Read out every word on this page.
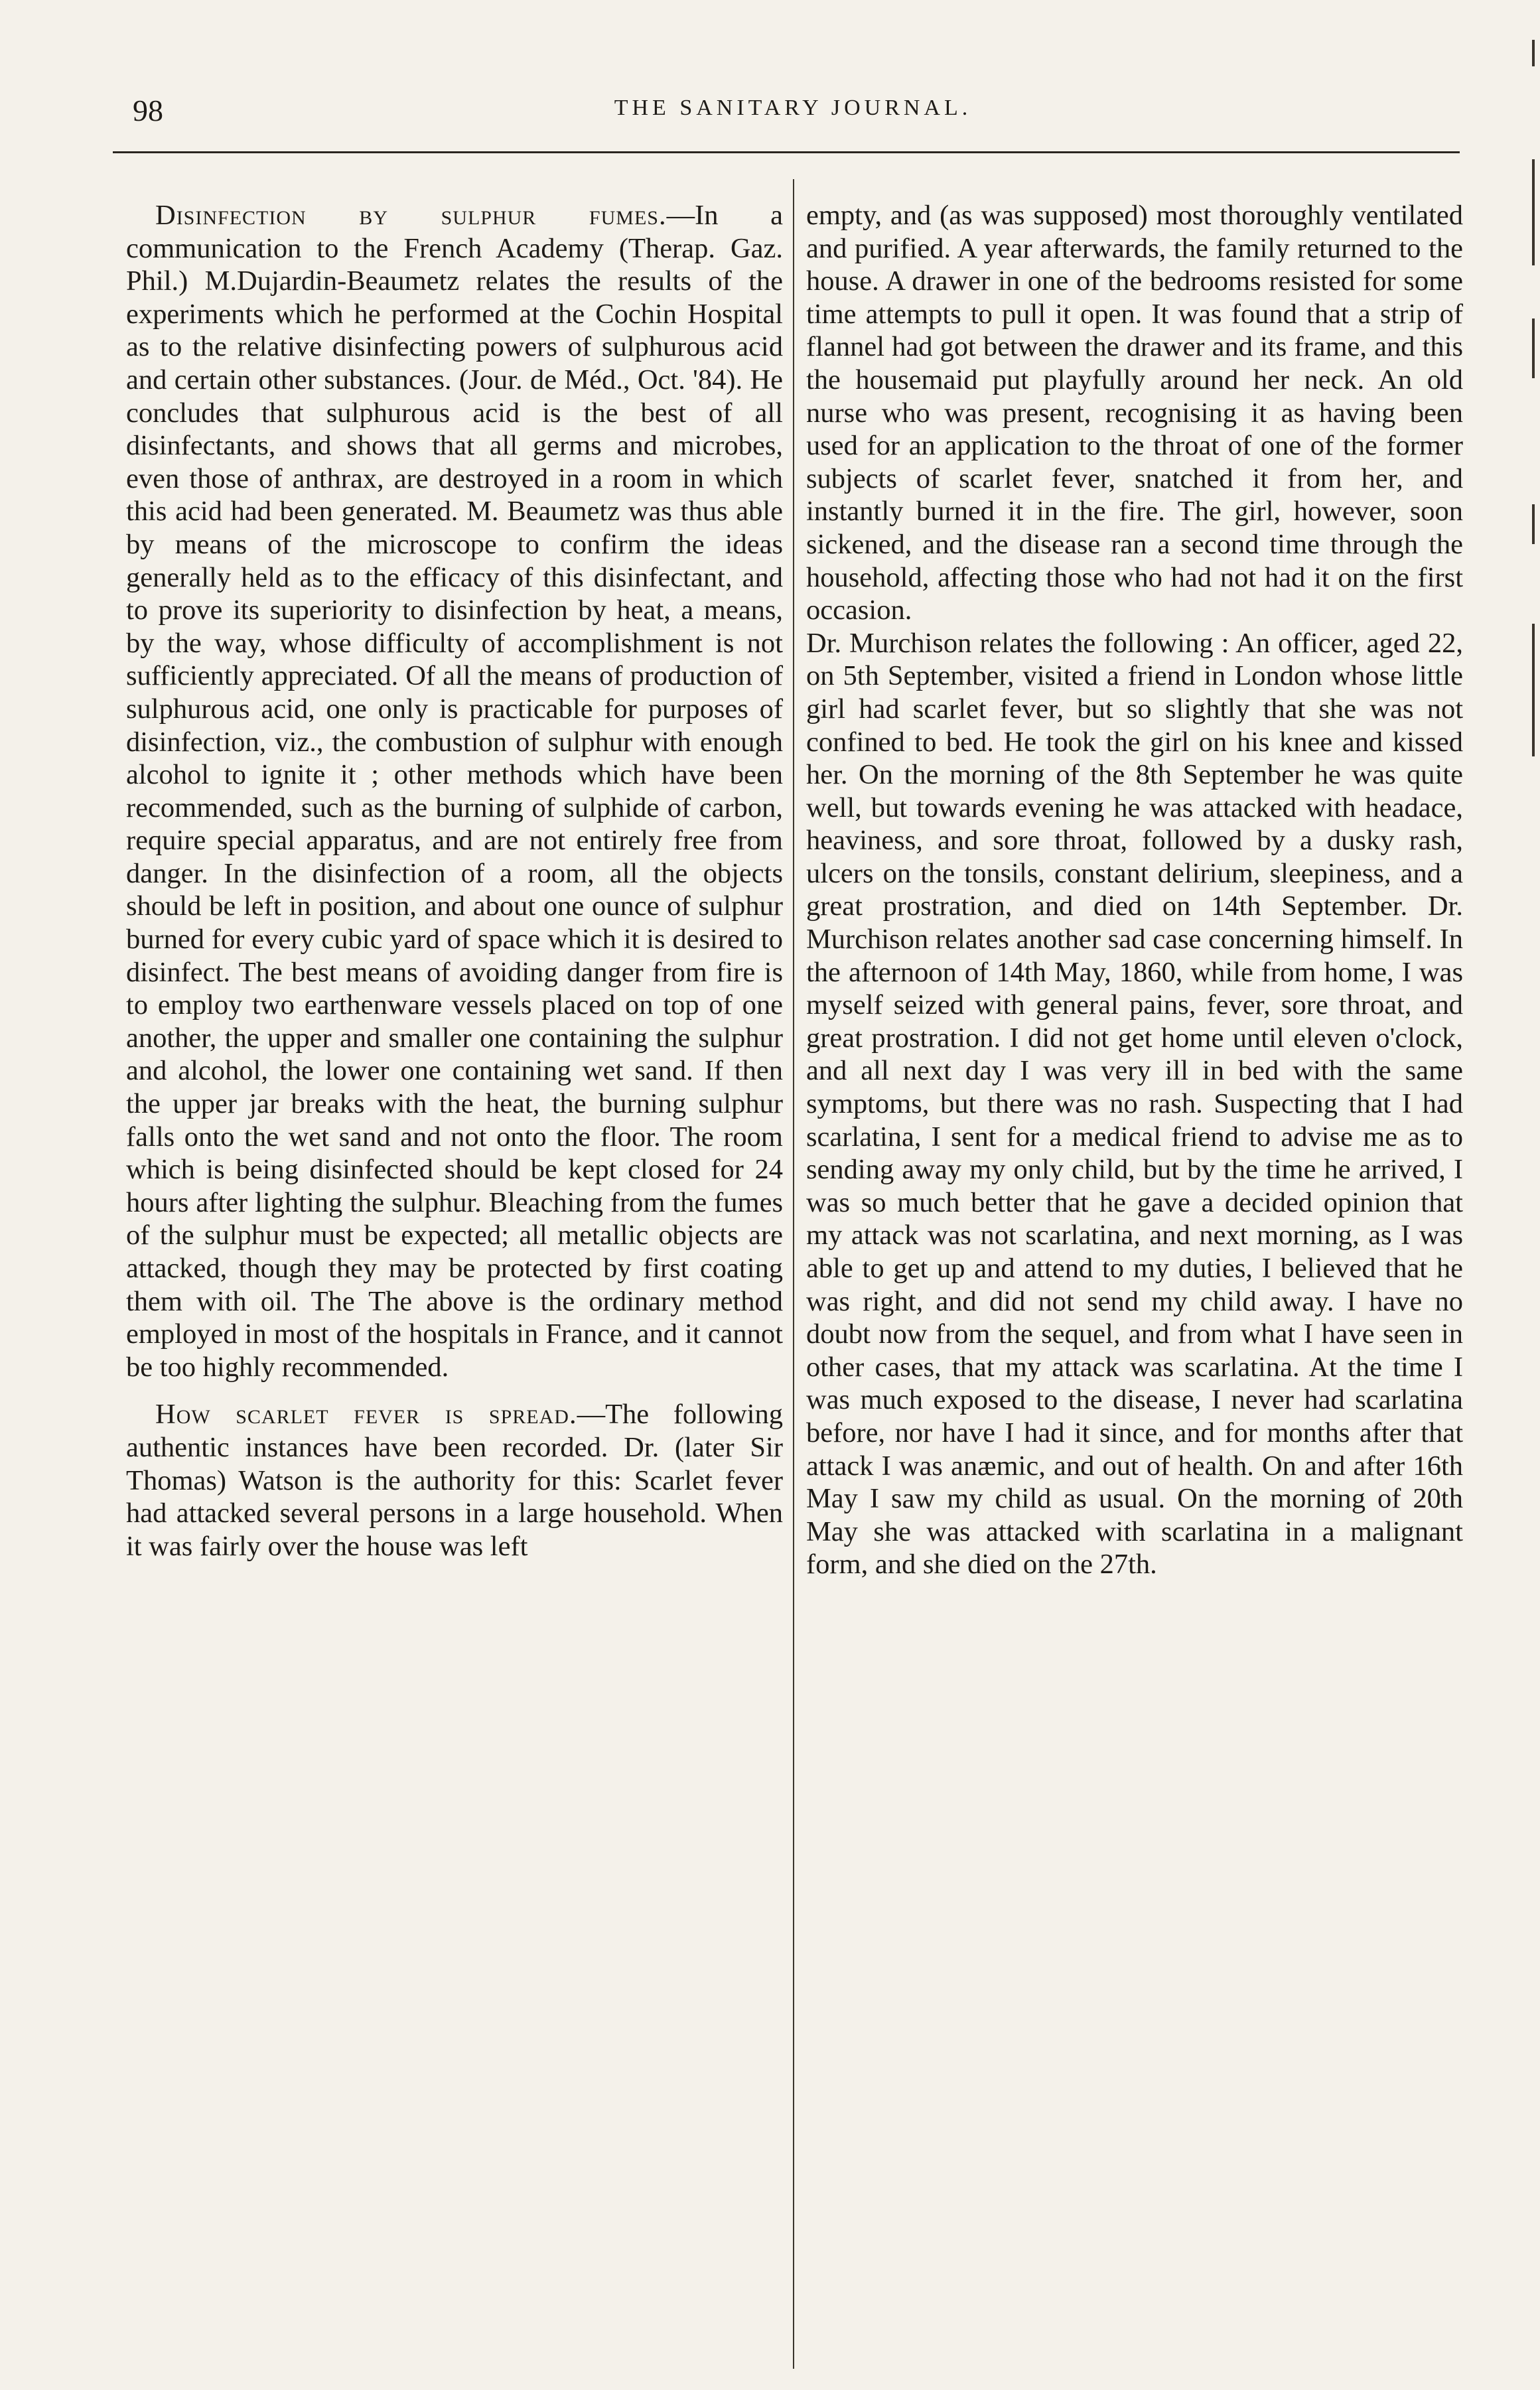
98	THE SANITARY JOURNAL.

Disinfection by sulphur fumes.—In a communication to the French Academy (Therap. Gaz. Phil.) M.Dujardin-Beaumetz relates the results of the experiments which he performed at the Cochin Hospital as to the relative disinfecting powers of sulphurous acid and certain other substances. (Jour. de Méd., Oct. '84). He concludes that sulphurous acid is the best of all disinfectants, and shows that all germs and microbes, even those of anthrax, are destroyed in a room in which this acid had been generated. M. Beaumetz was thus able by means of the microscope to confirm the ideas generally held as to the efficacy of this disinfectant, and to prove its superiority to disinfection by heat, a means, by the way, whose difficulty of accomplishment is not sufficiently appreciated. Of all the means of production of sulphurous acid, one only is practicable for purposes of disinfection, viz., the combustion of sulphur with enough alcohol to ignite it ; other methods which have been recommended, such as the burning of sulphide of carbon, require special apparatus, and are not entirely free from danger. In the disinfection of a room, all the objects should be left in position, and about one ounce of sulphur burned for every cubic yard of space which it is desired to disinfect. The best means of avoiding danger from fire is to employ two earthenware vessels placed on top of one another, the upper and smaller one containing the sulphur and alcohol, the lower one containing wet sand. If then the upper jar breaks with the heat, the burning sulphur falls onto the wet sand and not onto the floor. The room which is being disinfected should be kept closed for 24 hours after lighting the sulphur. Bleaching from the fumes of the sulphur must be expected; all metallic objects are attacked, though they may be protected by first coating them with oil. The The above is the ordinary method employed in most of the hospitals in France, and it cannot be too highly recommended.

How scarlet fever is spread.—The following authentic instances have been recorded. Dr. (later Sir Thomas) Watson is the authority for this: Scarlet fever had attacked several persons in a large household. When it was fairly over the house was left

empty, and (as was supposed) most thoroughly ventilated and purified. A year afterwards, the family returned to the house. A drawer in one of the bedrooms resisted for some time attempts to pull it open. It was found that a strip of flannel had got between the drawer and its frame, and this the housemaid put playfully around her neck. An old nurse who was present, recognising it as having been used for an application to the throat of one of the former subjects of scarlet fever, snatched it from her, and instantly burned it in the fire. The girl, however, soon sickened, and the disease ran a second time through the household, affecting those who had not had it on the first occasion.

Dr. Murchison relates the following : An officer, aged 22, on 5th September, visited a friend in London whose little girl had scarlet fever, but so slightly that she was not confined to bed. He took the girl on his knee and kissed her. On the morning of the 8th September he was quite well, but towards evening he was attacked with headace, heaviness, and sore throat, followed by a dusky rash, ulcers on the tonsils, constant delirium, sleepiness, and a great prostration, and died on 14th September. Dr. Murchison relates another sad case concerning himself. In the afternoon of 14th May, 1860, while from home, I was myself seized with general pains, fever, sore throat, and great prostration. I did not get home until eleven o'clock, and all next day I was very ill in bed with the same symptoms, but there was no rash. Suspecting that I had scarlatina, I sent for a medical friend to advise me as to sending away my only child, but by the time he arrived, I was so much better that he gave a decided opinion that my attack was not scarlatina, and next morning, as I was able to get up and attend to my duties, I believed that he was right, and did not send my child away. I have no doubt now from the sequel, and from what I have seen in other cases, that my attack was scarlatina. At the time I was much exposed to the disease, I never had scarlatina before, nor have I had it since, and for months after that attack I was anæmic, and out of health. On and after 16th May I saw my child as usual. On the morning of 20th May she was attacked with scarlatina in a malignant form, and she died on the 27th.
